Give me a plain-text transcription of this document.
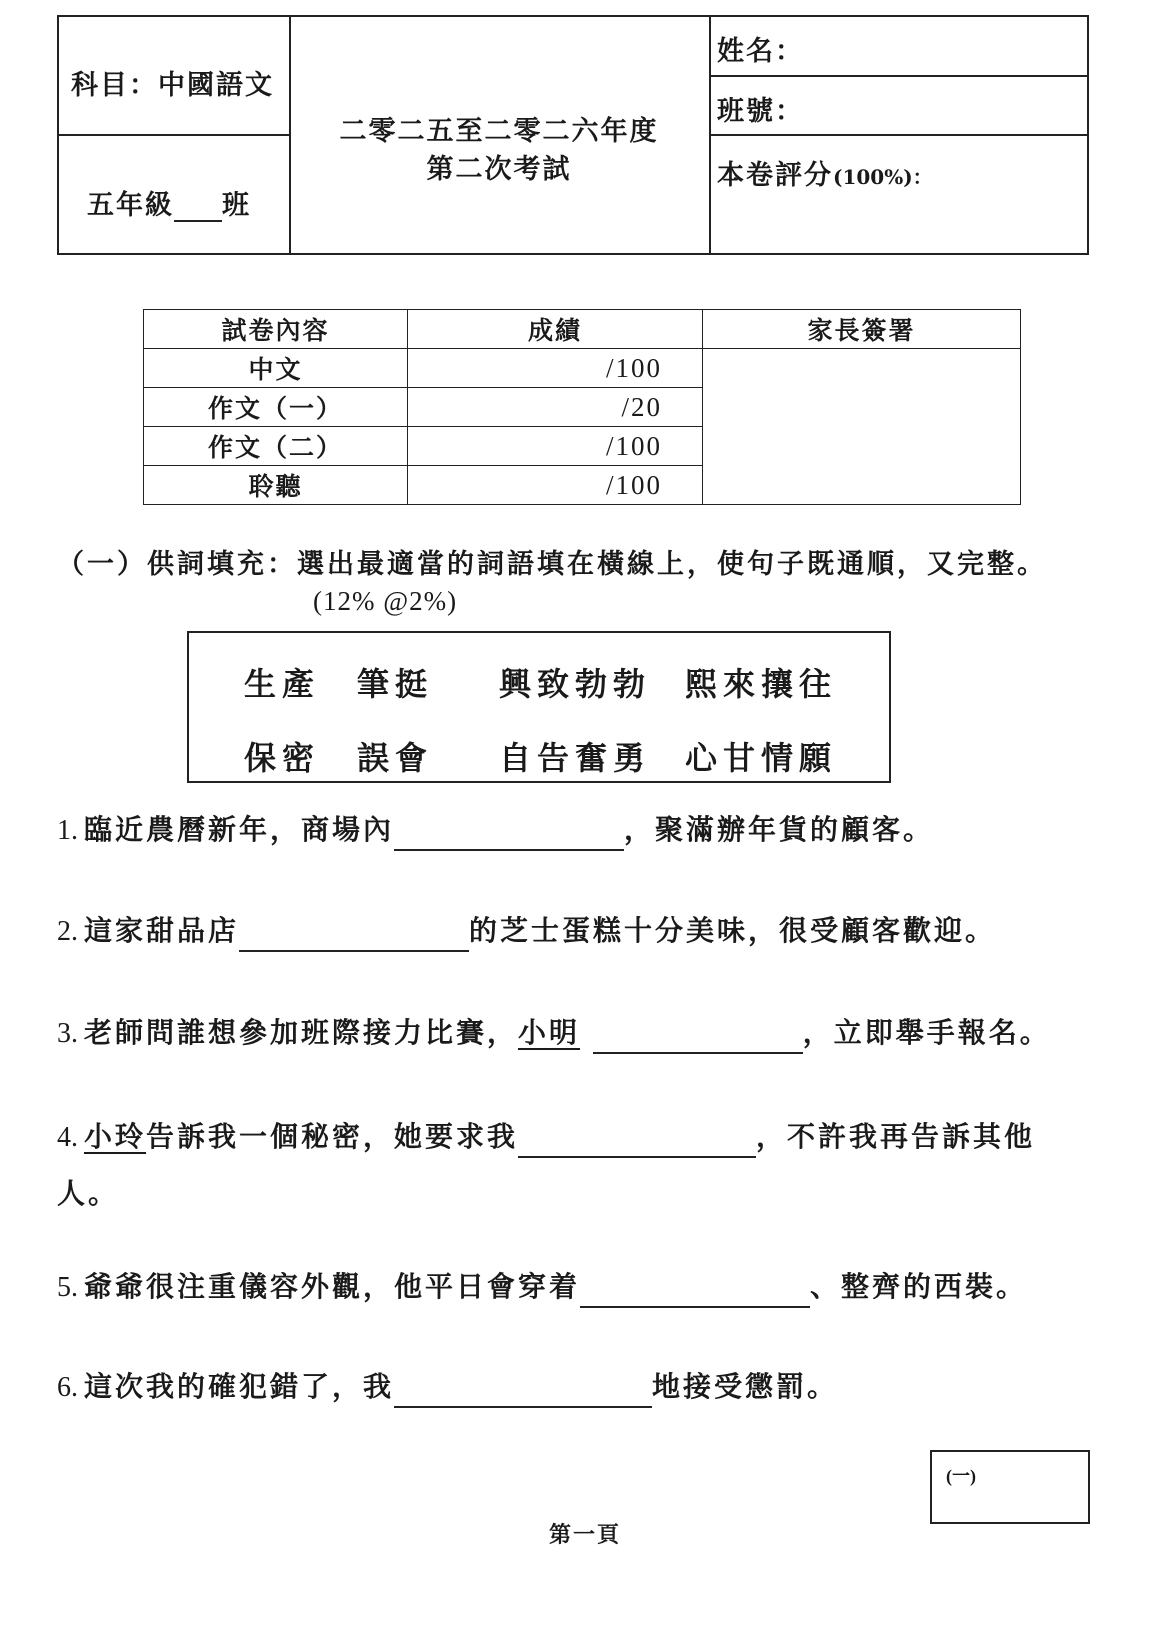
科目：中國語文
五年級 班
二零二五至二零二六年度
第二次考試
姓名：
班號：
本卷評分(100%)：
試卷內容	成績	家長簽署
中文	/100	
作文（一）	/20	
作文（二）	/100	
聆聽	/100	
（一）供詞填充：選出最適當的詞語填在橫線上，使句子既通順，又完整。
(12% @2%)
生產 筆挺 興致勃勃 熙來攘往
保密 誤會 自告奮勇 心甘情願
1. 臨近農曆新年，商場內	，聚滿辦年貨的顧客。
2. 這家甜品店	的芝士蛋糕十分美味，很受顧客歡迎。
3. 老師問誰想參加班際接力比賽，小明	，立即舉手報名。
4. 小玲告訴我一個秘密，她要求我	，不許我再告訴其他
人。
5. 爺爺很注重儀容外觀，他平日會穿着	、整齊的西裝。
6. 這次我的確犯錯了，我	地接受懲罰。
(一)
第一頁
